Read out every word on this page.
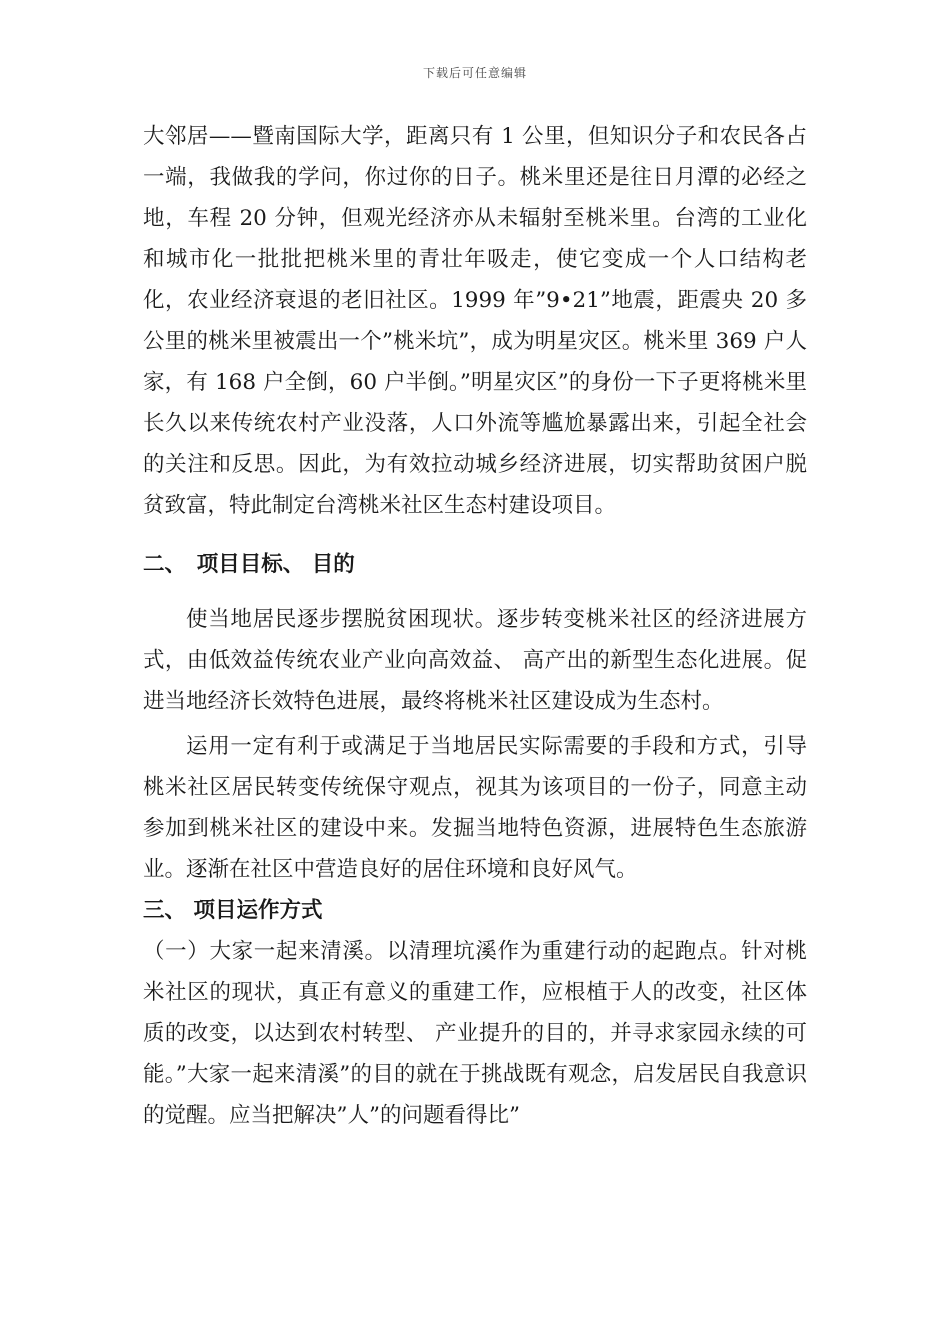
下载后可任意编辑

大邻居——暨南国际大学，距离只有 1 公里，但知识分子和农民各占一端，我做我的学问，你过你的日子。桃米里还是往日月潭的必经之地，车程 20 分钟，但观光经济亦从未辐射至桃米里。台湾的工业化和城市化一批批把桃米里的青壮年吸走，使它变成一个人口结构老化，农业经济衰退的老旧社区。1999 年”9•21”地震，距震央 20 多公里的桃米里被震出一个”桃米坑”，成为明星灾区。桃米里 369 户人家，有 168 户全倒，60 户半倒。”明星灾区”的身份一下子更将桃米里长久以来传统农村产业没落，人口外流等尴尬暴露出来，引起全社会的关注和反思。因此，为有效拉动城乡经济进展，切实帮助贫困户脱贫致富，特此制定台湾桃米社区生态村建设项目。

二、　项目目标、 目的

使当地居民逐步摆脱贫困现状。逐步转变桃米社区的经济进展方式，由低效益传统农业产业向高效益、 高产出的新型生态化进展。促进当地经济长效特色进展，最终将桃米社区建设成为生态村。

运用一定有利于或满足于当地居民实际需要的手段和方式，引导桃米社区居民转变传统保守观点，视其为该项目的一份子，同意主动参加到桃米社区的建设中来。发掘当地特色资源，进展特色生态旅游业。逐渐在社区中营造良好的居住环境和良好风气。

三、 项目运作方式

（一）大家一起来清溪。以清理坑溪作为重建行动的起跑点。针对桃米社区的现状，真正有意义的重建工作，应根植于人的改变，社区体质的改变，以达到农村转型、 产业提升的目的，并寻求家园永续的可能。”大家一起来清溪”的目的就在于挑战既有观念，启发居民自我意识的觉醒。应当把解决”人”的问题看得比”
